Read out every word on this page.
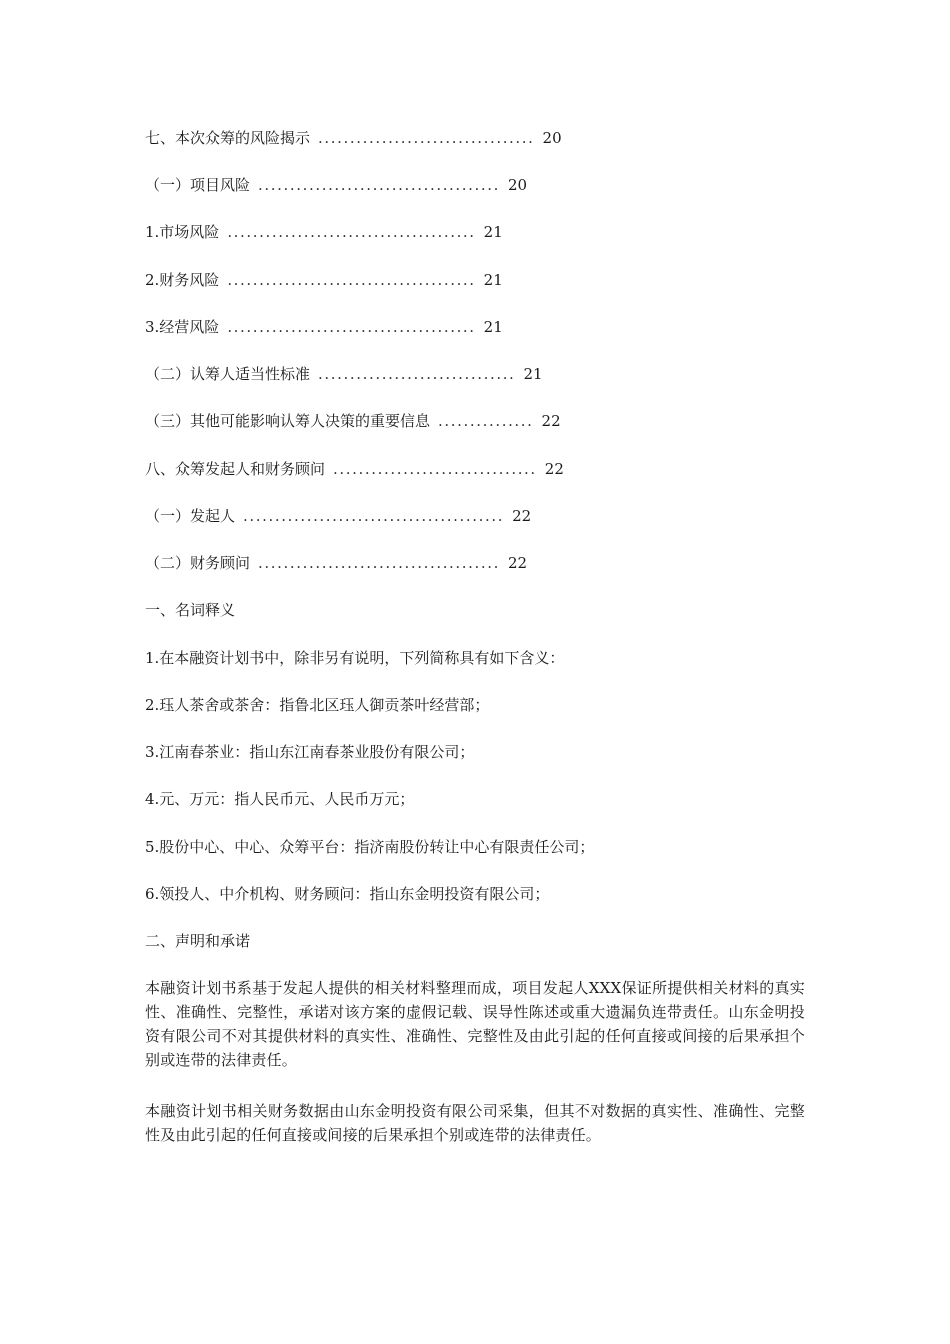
七、本次众筹的风险揭示 .................................. 20
（一）项目风险 ...................................... 20
1.市场风险 ....................................... 21
2.财务风险 ....................................... 21
3.经营风险 ....................................... 21
（二）认筹人适当性标准 ............................... 21
（三）其他可能影响认筹人决策的重要信息 ............... 22
八、众筹发起人和财务顾问 ................................ 22
（一）发起人 ......................................... 22
（二）财务顾问 ...................................... 22
一、名词释义
1.在本融资计划书中，除非另有说明，下列简称具有如下含义：
2.珏人茶舍或茶舍：指鲁北区珏人御贡茶叶经营部；
3.江南春茶业：指山东江南春茶业股份有限公司；
4.元、万元：指人民币元、人民币万元；
5.股份中心、中心、众筹平台：指济南股份转让中心有限责任公司；
6.领投人、中介机构、财务顾问：指山东金明投资有限公司；
二、声明和承诺
本融资计划书系基于发起人提供的相关材料整理而成，项目发起人XXX保证所提供相关材料的真实性、准确性、完整性，承诺对该方案的虚假记载、误导性陈述或重大遗漏负连带责任。山东金明投资有限公司不对其提供材料的真实性、准确性、完整性及由此引起的任何直接或间接的后果承担个别或连带的法律责任。
本融资计划书相关财务数据由山东金明投资有限公司采集，但其不对数据的真实性、准确性、完整性及由此引起的任何直接或间接的后果承担个别或连带的法律责任。
